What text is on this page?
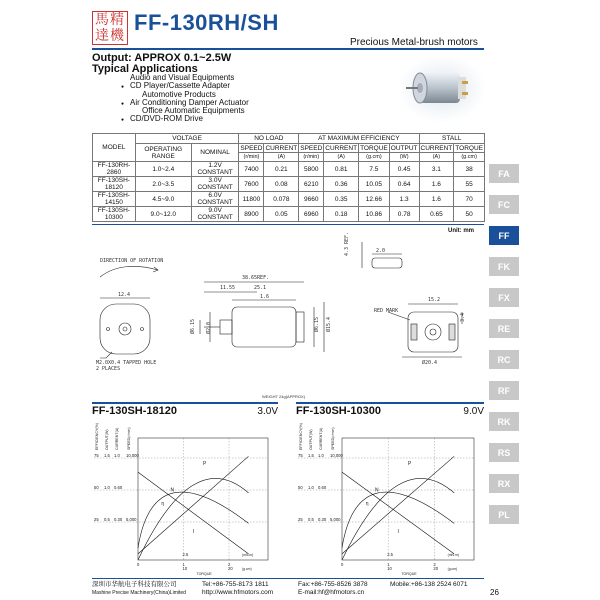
馬精
達機
FF-130RH/SH
Precious Metal-brush motors
Output: APPROX 0.1~2.5W
Typical Applications
Audio and Visual Equipments
● CD Player/Cassette Adapter
Automotive Products
● Air Conditioning Damper Actuator
Office Automatic Equipments
● CD/DVD-ROM Drive
MODEL	VOLTAGE		NO LOAD		AT MAXIMUM EFFICIENCY				STALL	
	OPERATING RANGE	NOMINAL	SPEED	CURRENT	SPEED	CURRENT	TORQUE	OUTPUT	CURRENT	TORQUE
			(r/min)	(A)	(r/min)	(A)	(g.cm)	(W)	(A)	(g.cm)
FF-130RH-2860	1.0~2.4	1.2V CONSTANT	7400	0.21	5800	0.81	7.5	0.45	3.1	38
FF-130SH-18120	2.0~3.5	3.0V CONSTANT	7600	0.08	6210	0.36	10.05	0.64	1.6	55
FF-130SH-14150	4.5~9.0	6.0V CONSTANT	11800	0.078	9660	0.35	12.66	1.3	1.6	70
FF-130SH-10300	9.0~12.0	9.0V CONSTANT	8900	0.05	6960	0.18	10.86	0.78	0.65	50
FA
FC
FF
FK
FX
RE
RC
RF
RK
RS
RX
PL
Unit: mm
DIRECTION OF ROTATION
12.4
38.65REF.
11.55	25.1
1.6
Ø6.15 Ø2.0	Ø6.15 Ø15.4
15.2
2.0
4.3 REF.
3.4
Ø20.4
RED MARK
M2.0X0.4 TAPPED HOLE
2 PLACES
WEIGHT 24g(APPROX)
FF-130SH-18120	3.0V FF-130SH-10300	9.0V
EFFICIENCY(%) OUTPUT(W) CURRENT(A) SPEED(r/min)
75 1.5 1.0
50 1.0 0.60
25 0.5 0.30
10,000
5,000
0	1	2
2.5
10	20
(mN.m)
(g.cm)
TORQUE
P
N
η
I
EFFICIENCY(%) OUTPUT(W) CURRENT(A) SPEED(r/min)
75 1.5 1.0
50 1.0 0.60
25 0.5 0.30
10,000
5,000
0	1	2
2.5
10	20
(mN.m)
(g.cm)
TORQUE
P
N
η
I
深圳市华航电子科技有限公司	Tel:+86-755-8173 1811	Fax:+86-755-8526 3878	Mobile:+86-138 2524 6071
Mashine Precise Machinery(China)Limited	http://www.hfmotors.com	E-mail:hf@hfmotors.cn	26
